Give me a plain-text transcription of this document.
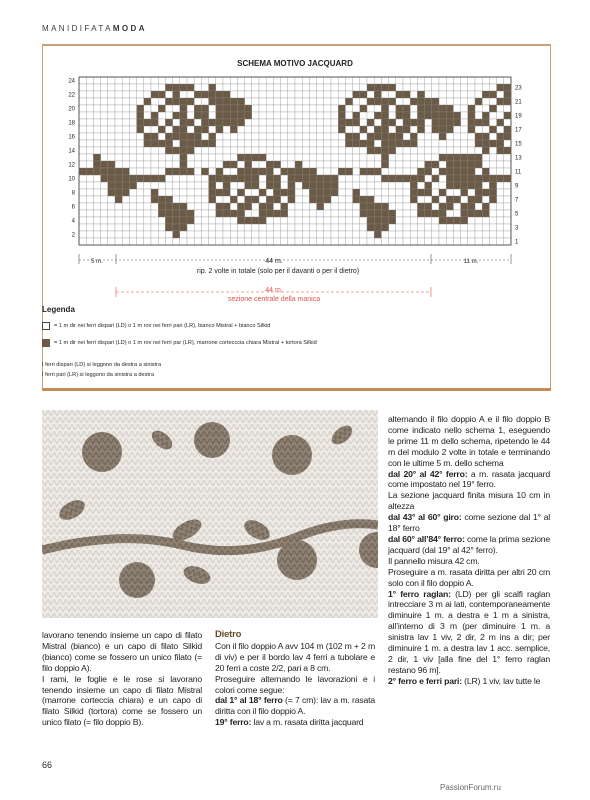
MANIDIFATAMODA
SCHEMA MOTIVO JACQUARD
24
22
20
18
16
14
12
10
8
6
4
2
23
21
19
17
15
13
11
9
7
5
3
1
5 m.	44 m.	11 m.
rip. 2 volte in totale (solo per il davanti o per il dietro)
44 m.
sezione centrale della manica
Legenda
= 1 m dir nei ferri dispari (LD) o 1 m rov nei ferri pari (LR), bianco Mistral + bianco Silkid
= 1 m dir nei ferri dispari (LD) o 1 m rov nei ferri par (LR), marrone cortecccia chiara Mistral + tortora Silkid
I ferri dispari (LD) si leggono da destra a sinistra
I ferri pari (LR) si leggono da sinistra a destra

lavorano tenendo insieme un capo di filato Mistral (bianco) e un capo di filato Silkid (bianco) come se fossero un unico filato (= filo doppio A).

I rami, le foglie e le rose si lavorano tenendo insieme un capo di filato Mistral (marrone corteccia chiara) e un capo di filato Silkid (tortora) come se fossero un unico filato (= filo doppio B).

Dietro

Con il filo doppio A avv 104 m (102 m + 2 m di viv) e per il bordo lav 4 ferri a tubolare e 20 ferri a coste 2/2, pari a 8 cm.

Proseguire alternando le lavorazioni e i colori come segue:

dal 1° al 18° ferro (= 7 cm): lav a m. rasata diritta con il filo doppio A.

19° ferro: lav a m. rasata diritta jacquard

alternando il filo doppio A e il filo doppio B come indicato nello schema 1, eseguendo le prime 11 m dello schema, ripetendo le 44 m del modulo 2 volte in totale e terminando con le ultime 5 m. dello schema

dal 20° al 42° ferro: a m. rasata jacquard come impostato nel 19° ferro.

La sezione jacquard finita misura 10 cm in altezza

dal 43° al 60° giro: come sezione dal 1° al 18° ferro

dal 60° all’84° ferro: come la prima sezione jacquard (dal 19° al 42° ferro).

Il pannello misura 42 cm.

Proseguire a m. rasata diritta per altri 20 cm solo con il filo doppio A.

1° ferro raglan: (LD) per gli scalfi raglan intrecciare 3 m ai lati, contemporaneamente diminuire 1 m. a destra e 1 m a sinistra, all’interno di 3 m (per diminuire 1 m. a sinistra lav 1 viv, 2 dir, 2 m ins a dir; per diminuire 1 m. a destra lav 1 acc. semplice, 2 dir, 1 viv [alla fine del 1° ferro raglan restano 96 m].

2° ferro e ferri pari: (LR) 1 viv, lav tutte le

66
PassionForum.ru
